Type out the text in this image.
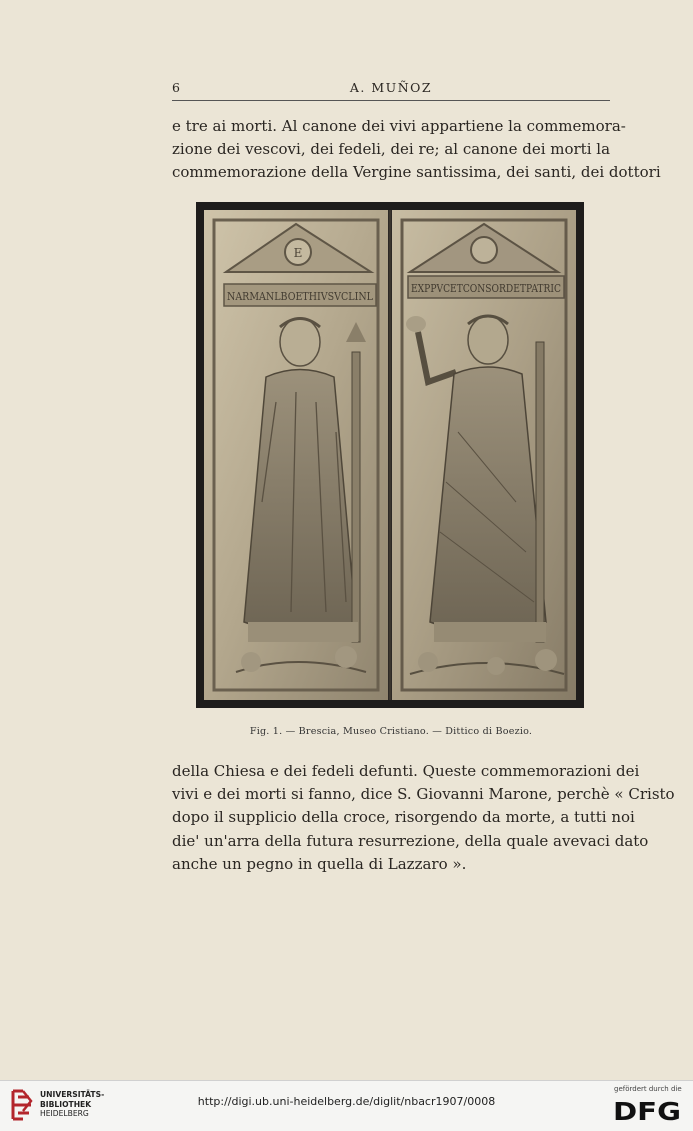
6	A. MUÑOZ
e tre ai morti. Al canone dei vivi appartiene la commemora-
zione dei vescovi, dei fedeli, dei re; al canone dei morti la
commemorazione della Vergine santissima, dei santi, dei dottori
E
NARMANLBOETHIVSVCLINL
EXPPVCETCONSORDETPATRIC
Fig. 1. — Brescia, Museo Cristiano. — Dittico di Boezio.
della Chiesa e dei fedeli defunti. Queste commemorazioni dei
vivi e dei morti si fanno, dice S. Giovanni Marone, perchè « Cristo
dopo il supplicio della croce, risorgendo da morte, a tutti noi
die' un'arra della futura resurrezione, della quale avevaci dato
anche un pegno in quella di Lazzaro ».
UNIVERSITÄTS-
BIBLIOTHEK
HEIDELBERG
http://digi.ub.uni-heidelberg.de/diglit/nbacr1907/0008
gefördert durch die
DFG
